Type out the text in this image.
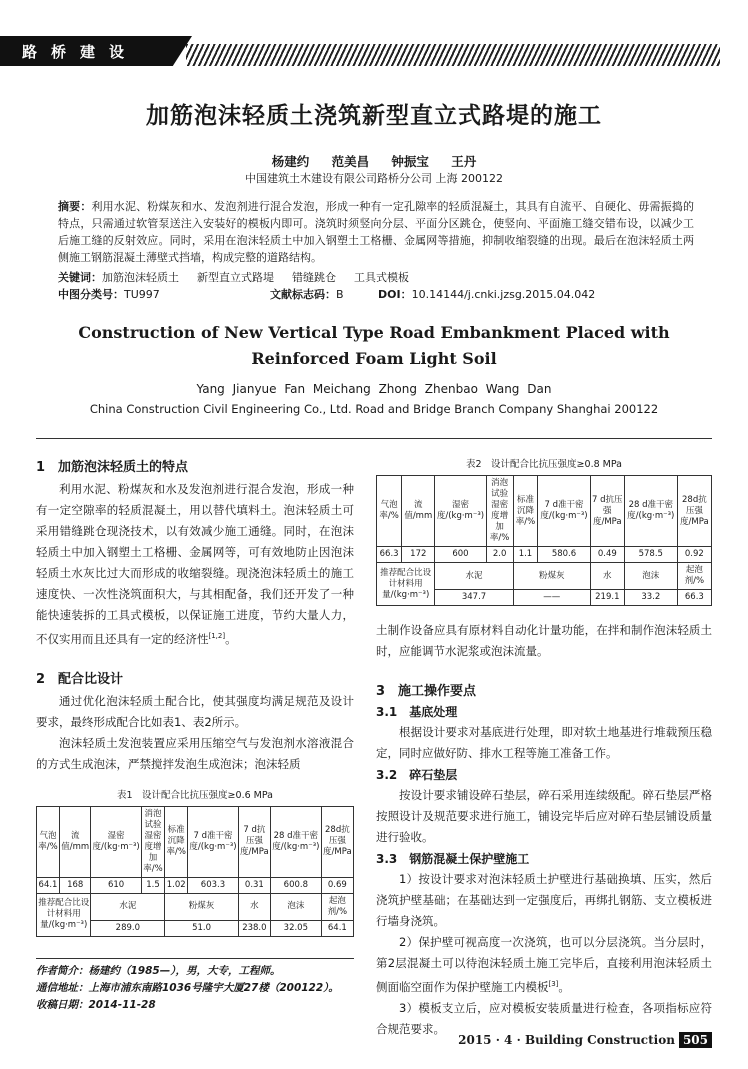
路桥建设
加筋泡沫轻质土浇筑新型直立式路堤的施工
杨建约 范美昌 钟振宝 王丹
中国建筑土木建设有限公司路桥分公司 上海 200122
摘要：利用水泥、粉煤灰和水、发泡剂进行混合发泡，形成一种有一定孔隙率的轻质混凝土，其具有自流平、自硬化、毋需振捣的特点，只需通过软管泵送注入安装好的模板内即可。浇筑时须竖向分层、平面分区跳仓，使竖向、平面施工缝交错布设，以减少工后施工缝的反射效应。同时，采用在泡沫轻质土中加入钢塑土工格栅、金属网等措施，抑制收缩裂缝的出现。最后在泡沫轻质土两侧施工钢筋混凝土薄壁式挡墙，构成完整的道路结构。
关键词：加筋泡沫轻质土 新型直立式路堤 错缝跳仓 工具式模板
中图分类号：TU997	文献标志码：B	DOI：10.14144/j.cnki.jzsg.2015.04.042
Construction of New Vertical Type Road Embankment Placed with
Reinforced Foam Light Soil
Yang Jianyue Fan Meichang Zhong Zhenbao Wang Dan
China Construction Civil Engineering Co., Ltd. Road and Bridge Branch Company Shanghai 200122
1　加筋泡沫轻质土的特点
利用水泥、粉煤灰和水及发泡剂进行混合发泡，形成一种有一定空隙率的轻质混凝土，用以替代填料土。泡沫轻质土可采用错缝跳仓现浇技术，以有效减少施工通缝。同时，在泡沫轻质土中加入钢塑土工格栅、金属网等，可有效地防止因泡沫轻质土水灰比过大而形成的收缩裂缝。现浇泡沫轻质土的施工速度快、一次性浇筑面积大，与其相配备，我们还开发了一种能快速装拆的工具式模板，以保证施工进度，节约大量人力，不仅实用而且还具有一定的经济性[1,2]。
2　配合比设计
通过优化泡沫轻质土配合比，使其强度均满足规范及设计要求，最终形成配合比如表1、表2所示。
泡沫轻质土发泡装置应采用压缩空气与发泡剂水溶液混合的方式生成泡沫，严禁搅拌发泡生成泡沫；泡沫轻质
表1　设计配合比抗压强度≥0.6 MPa
气泡率/%	流值/mm	湿密度/(kg·m⁻³)	消泡试验湿密度增加率/%	标准沉降率/%	7 d准干密度/(kg·m⁻³)	7 d抗压强度/MPa	28 d准干密度/(kg·m⁻³)	28d抗压强度/MPa
64.1	168	610	1.5	1.02	603.3	0.31	600.8	0.69
推荐配合比设计材料用量/(kg·m⁻³)		水泥		粉煤灰		水	泡沫	起泡剂/%
		289.0		51.0		238.0	32.05	64.1
表2　设计配合比抗压强度≥0.8 MPa
气泡率/%	流值/mm	湿密度/(kg·m⁻³)	消泡试验湿密度增加率/%	标准沉降率/%	7 d准干密度/(kg·m⁻³)	7 d抗压强度/MPa	28 d准干密度/(kg·m⁻³)	28d抗压强度/MPa
66.3	172	600	2.0	1.1	580.6	0.49	578.5	0.92
推荐配合比设计材料用量/(kg·m⁻³)		水泥		粉煤灰		水	泡沫	起泡剂/%
		347.7		——		219.1	33.2	66.3
土制作设备应具有原材料自动化计量功能，在拌和制作泡沫轻质土时，应能调节水泥浆或泡沫流量。
3　施工操作要点
3.1　基底处理
根据设计要求对基底进行处理，即对软土地基进行堆载预压稳定，同时应做好防、排水工程等施工准备工作。
3.2　碎石垫层
按设计要求铺设碎石垫层，碎石采用连续级配。碎石垫层严格按照设计及规范要求进行施工，铺设完毕后应对碎石垫层铺设质量进行验收。
3.3　钢筋混凝土保护壁施工
1）按设计要求对泡沫轻质土护壁进行基础换填、压实，然后浇筑护壁基础；在基础达到一定强度后，再绑扎钢筋、支立模板进行墙身浇筑。
2）保护壁可视高度一次浇筑，也可以分层浇筑。当分层时，第2层混凝土可以待泡沫轻质土施工完毕后，直接利用泡沫轻质土侧面临空面作为保护壁施工内模板[3]。
3）模板支立后，应对模板安装质量进行检查，各项指标应符合规范要求。
作者简介：杨建约（1985—），男，大专，工程师。
通信地址：上海市浦东南路1036号隆宇大厦27楼（200122）。
收稿日期：2014-11-28
2015 · 4 · Building Construction 505
